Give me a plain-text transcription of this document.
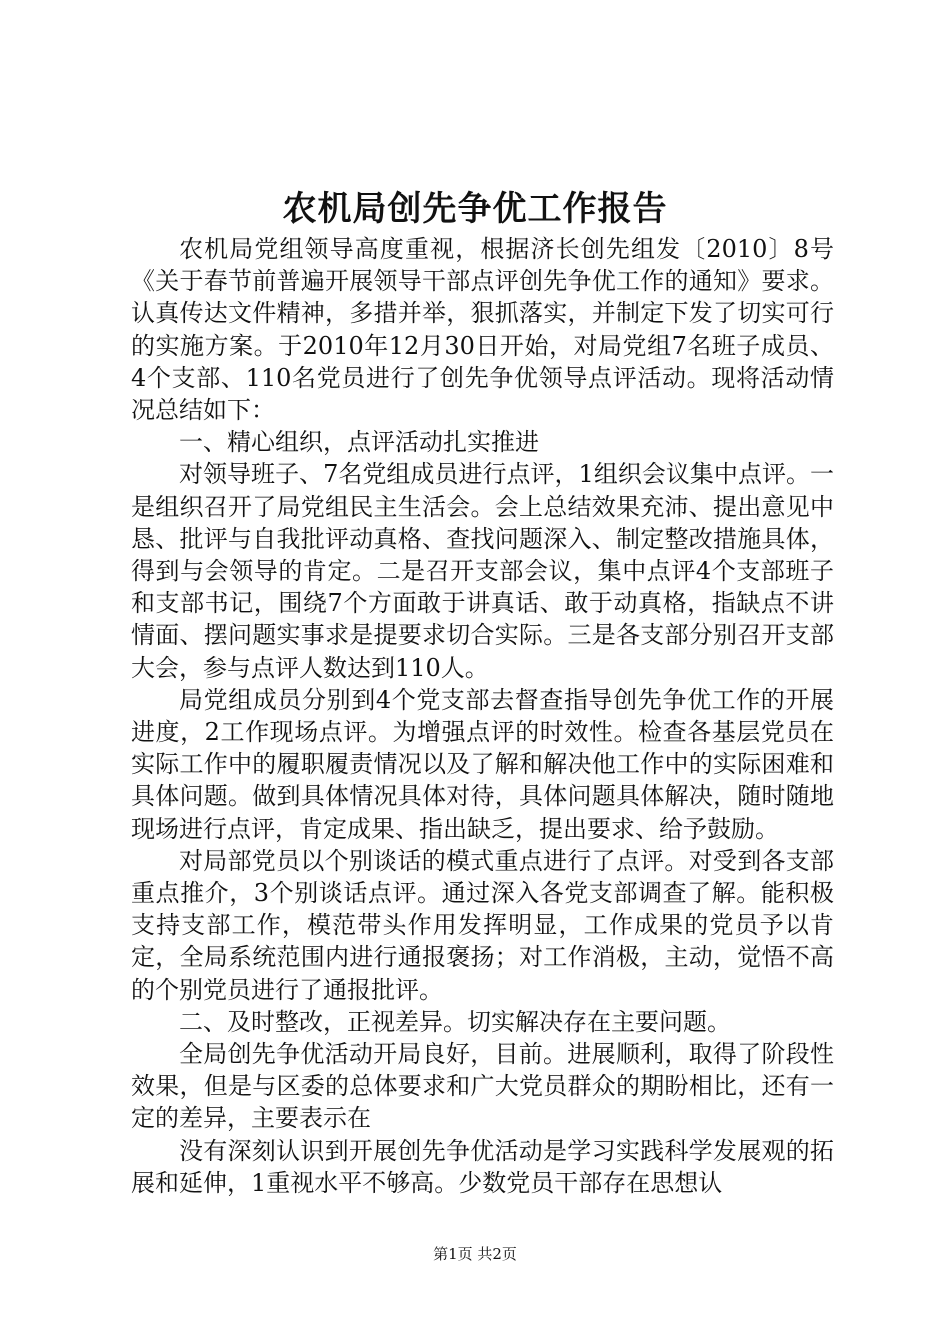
农机局创先争优工作报告

农机局党组领导高度重视，根据济长创先组发〔2010〕8号《关于春节前普遍开展领导干部点评创先争优工作的通知》要求。认真传达文件精神，多措并举，狠抓落实，并制定下发了切实可行的实施方案。于2010年12月30日开始，对局党组7名班子成员、4个支部、110名党员进行了创先争优领导点评活动。现将活动情况总结如下：

一、精心组织，点评活动扎实推进

对领导班子、7名党组成员进行点评，1组织会议集中点评。一是组织召开了局党组民主生活会。会上总结效果充沛、提出意见中恳、批评与自我批评动真格、查找问题深入、制定整改措施具体，得到与会领导的肯定。二是召开支部会议，集中点评4个支部班子和支部书记，围绕7个方面敢于讲真话、敢于动真格，指缺点不讲情面、摆问题实事求是提要求切合实际。三是各支部分别召开支部大会，参与点评人数达到110人。

局党组成员分别到4个党支部去督查指导创先争优工作的开展进度，2工作现场点评。为增强点评的时效性。检查各基层党员在实际工作中的履职履责情况以及了解和解决他工作中的实际困难和具体问题。做到具体情况具体对待，具体问题具体解决，随时随地现场进行点评，肯定成果、指出缺乏，提出要求、给予鼓励。

对局部党员以个别谈话的模式重点进行了点评。对受到各支部重点推介，3个别谈话点评。通过深入各党支部调查了解。能积极支持支部工作，模范带头作用发挥明显，工作成果的党员予以肯定，全局系统范围内进行通报褒扬；对工作消极，主动，觉悟不高的个别党员进行了通报批评。

二、及时整改，正视差异。切实解决存在主要问题。

全局创先争优活动开局良好，目前。进展顺利，取得了阶段性效果，但是与区委的总体要求和广大党员群众的期盼相比，还有一定的差异，主要表示在

没有深刻认识到开展创先争优活动是学习实践科学发展观的拓展和延伸，1重视水平不够高。少数党员干部存在思想认

第1页 共2页
